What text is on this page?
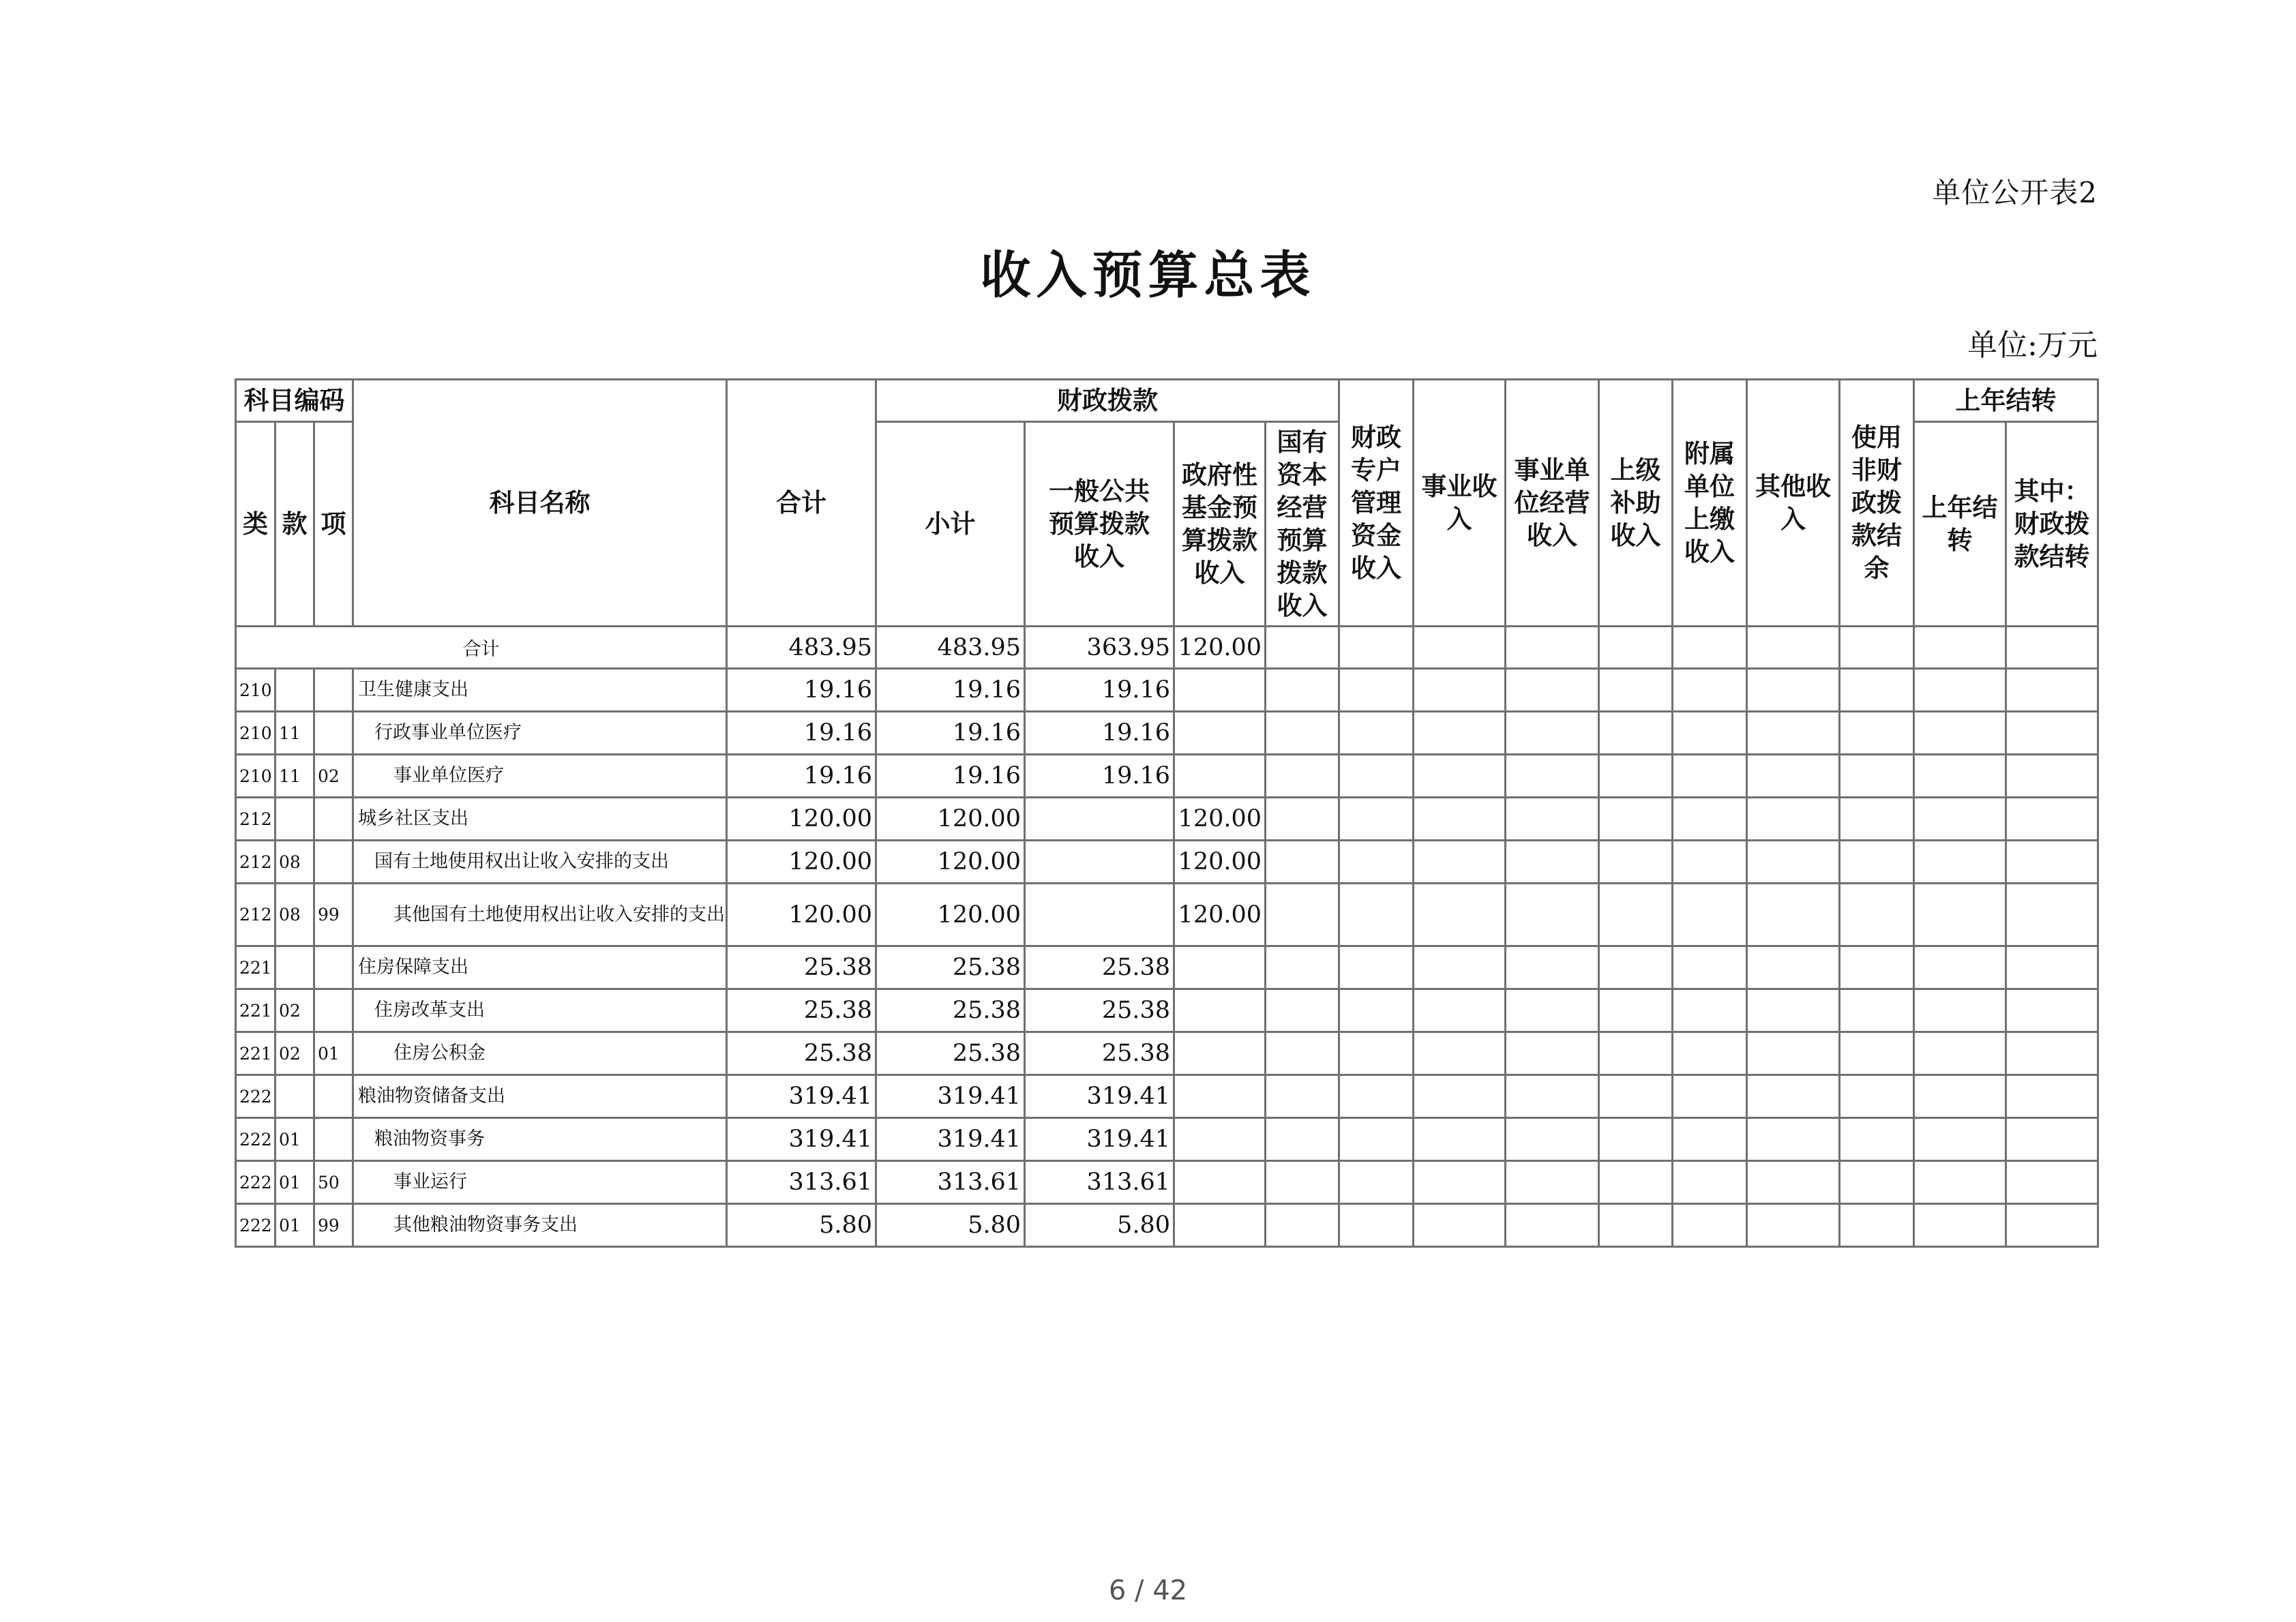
单位公开表2
收入预算总表
单位:万元
科目编码			科目名称	合计	财政拨款				财政专户管理资金收入	事业收入	事业单位经营收入	上级补助收入	附属单位上缴收入	其他收入	使用非财政拨款结余	上年结转	
类	款	项			小计	一般公共预算拨款收入	政府性基金预算拨款收入	国有资本经营预算拨款收入								上年结转	其中：财政拨款结转
合计				483.95	483.95	363.95	120.00										
210			卫生健康支出	19.16	19.16	19.16											
210	11		行政事业单位医疗	19.16	19.16	19.16											
210	11	02	事业单位医疗	19.16	19.16	19.16											
212			城乡社区支出	120.00	120.00		120.00										
212	08		国有土地使用权出让收入安排的支出	120.00	120.00		120.00										
212	08	99	其他国有土地使用权出让收入安排的支出	120.00	120.00		120.00										
221			住房保障支出	25.38	25.38	25.38											
221	02		住房改革支出	25.38	25.38	25.38											
221	02	01	住房公积金	25.38	25.38	25.38											
222			粮油物资储备支出	319.41	319.41	319.41											
222	01		粮油物资事务	319.41	319.41	319.41											
222	01	50	事业运行	313.61	313.61	313.61											
222	01	99	其他粮油物资事务支出	5.80	5.80	5.80											
6 / 42
